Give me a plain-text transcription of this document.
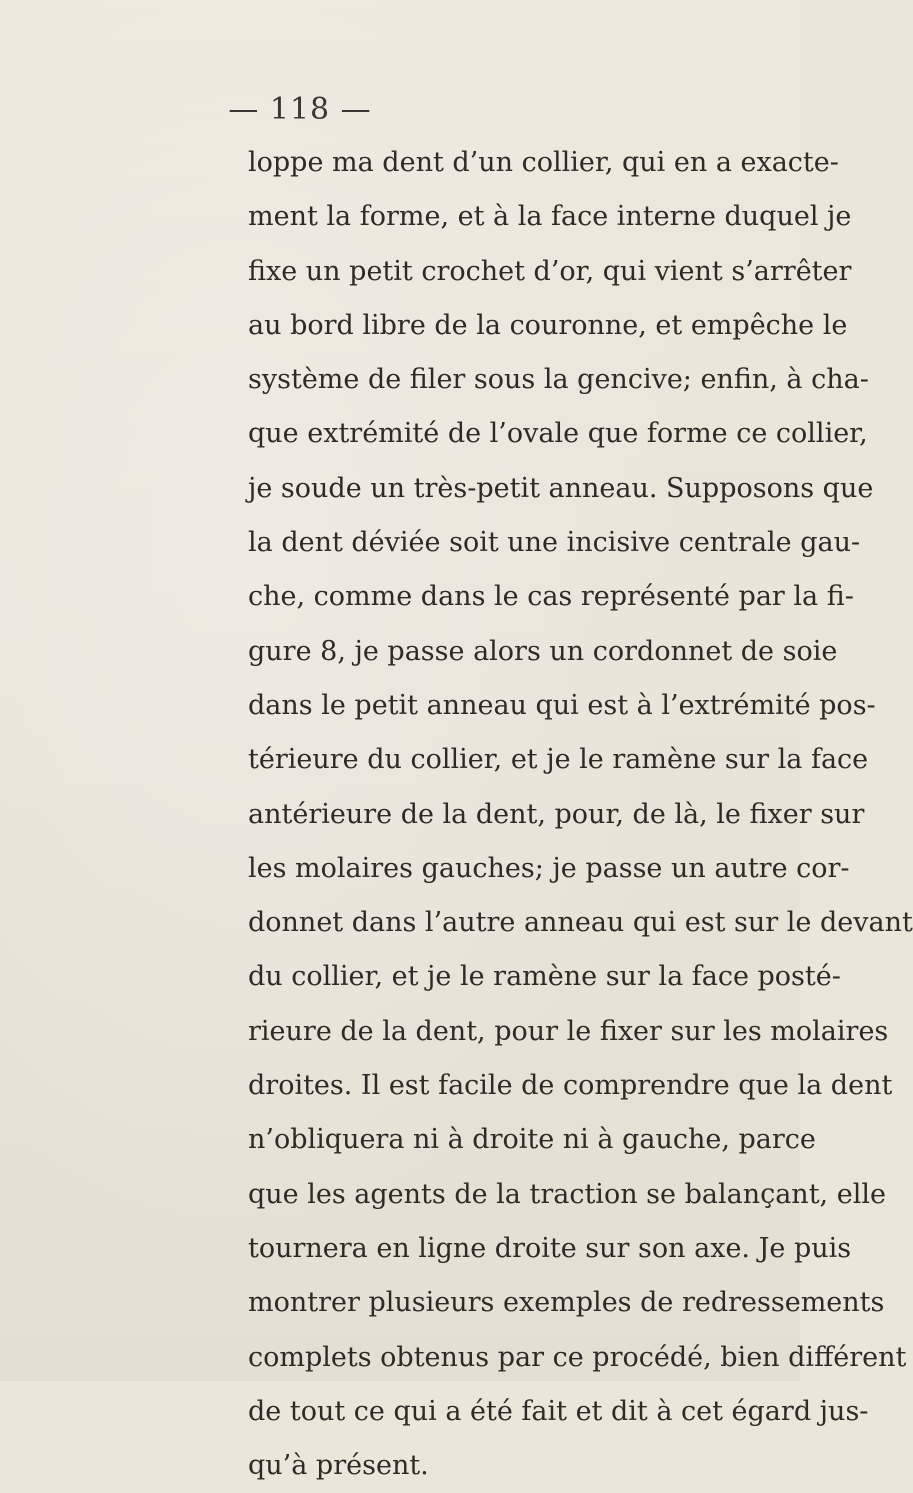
— 118 —
loppe ma dent d’un collier, qui en a exacte-
ment la forme, et à la face interne duquel je
fixe un petit crochet d’or, qui vient s’arrêter
au bord libre de la couronne, et empêche le
système de filer sous la gencive; enfin, à cha-
que extrémité de l’ovale que forme ce collier,
je soude un très-petit anneau. Supposons que
la dent déviée soit une incisive centrale gau-
che, comme dans le cas représenté par la fi-
gure 8, je passe alors un cordonnet de soie
dans le petit anneau qui est à l’extrémité pos-
térieure du collier, et je le ramène sur la face
antérieure de la dent, pour, de là, le fixer sur
les molaires gauches; je passe un autre cor-
donnet dans l’autre anneau qui est sur le devant
du collier, et je le ramène sur la face posté-
rieure de la dent, pour le fixer sur les molaires
droites. Il est facile de comprendre que la dent
n’obliquera ni à droite ni à gauche, parce
que les agents de la traction se balançant, elle
tournera en ligne droite sur son axe. Je puis
montrer plusieurs exemples de redressements
complets obtenus par ce procédé, bien différent
de tout ce qui a été fait et dit à cet égard jus-
qu’à présent.
